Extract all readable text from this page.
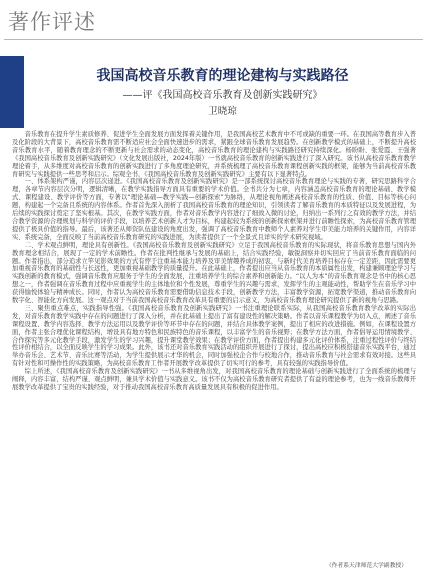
著作评述
我国高校音乐教育的理论建构与实践路径
——评《我国高校音乐教育及创新实践研究》
卫晓琼

音乐教育在提升学生素质修养、促进学生全面发展方面发挥着关键作用，是我国高校艺术教育中不可或缺的重要一环。在我国高等教育步入普及化阶段的大背景下，高校音乐教育需不断适应社会全面快速进步的需求，紧跟全球音乐教育发展趋势。在创新教学模式的基础上，不断提升高校音乐教育水平，随着教育理念的不断更新与社会需求的动态变化，高校音乐教育的理论建构与实践路径研究持续深化。杨盼盼、张爱霞、王强著《我国高校音乐教育及创新实践研究》（文化发展出版社，2024年版）一书就高校音乐教育的创新实践进行了深入研究。该书从高校音乐教育教学理论着手，从多维度对高校音乐教育的创新实践进行了多角度理论研究，并系统梳理了高校音乐教育课程创新实践的框架，能够为当前高校音乐教育研究与实践提供一些思考和启示。综观全书，《我国高校音乐教育及创新实践研究》主要有以下显著特点。

一、体系架构严谨，内容层次递进。《我国高校音乐教育及创新实践研究》是一部系统探讨高校音乐教育理论与实践的专著，研究思路科学合理，各章节内容层次分明，逻辑清晰，在教学实践指导方面具有重要的学术价值。全书共分为七章，内容涵盖高校音乐教育的理论基础、教学模式、课程建设、教学评价等方面，专著以“理论基础—教学实践—创新探索”为脉络，从理论视角阐述高校音乐教育的性质、价值、目标等核心问题，构建起一个完备且系统的内容体系。作者首先深入剖析了我国高校音乐教育的理论知识，引领读者了解音乐教育的本质特征以及发展进程，为后续的实践探讨奠定了坚实根基。其次，在教学实践方面，作者对音乐教学内容进行了细致入微的讨论，归纳出一系列行之有效的教学方法，并结合教学资源的合理规划与科学的评价手段，以培养艺术创新人才为目标，构建起较为系统的创新探索框架并进行前瞻性探索，为高校音乐教育管理提供了极具价值的指导。最后，该著还从师资队伍建设的角度出发，强调了高校音乐教育中教师个人素养对学生审美能力培养的关键作用，内容详实、系统完备，全面反映了当前高校音乐教育研究的实践进展，为读者提供了一个全景式且详实的学术研究视域。

二、学术观点鲜明，理论具有创新性。《我国高校音乐教育及创新实践研究》立足于我国高校音乐教育的实际现状，将音乐教育思想与国内外教育理念相结合，展现了一定的学术前瞻性。作者在批判性继承与发展的基础上，结合实践经验，敏锐洞察并切实回应了当前音乐教育面临的问题。作者指出，部分追求立竿见影效果的方式有悖于注重基本能力培养及审美情趣养成的初衷，与新时代美育培养目标存在一定差距，因此需要更加重视音乐教育的基础性与长远性，更加重视基础教学的质量提升。在此基础上，作者提出应当从音乐教育的本质属性出发，构建兼顾理论学习与实践创新的教育模式，强调音乐教育应服务于学生的全面发展，注重培养学生的综合素养和创新能力。“以人为本”的音乐教育观念是书中的核心思想之一，作者强调在音乐教育过程中应重视学生的主体地位和个性发展，尊重学生的兴趣与需求，发挥学生的主观能动性，帮助学生在音乐学习中获得愉悦体验与精神成长。同时，作者认为高校音乐教育需要借助信息技术手段，创新教学方法，丰富教学资源，拓宽教学渠道，推动音乐教育向数字化、智能化方向发展。这一观点对于当前我国高校音乐教育改革具有重要的启示意义，为高校音乐教育理论研究提供了新的视角与思路。

三、聚焦重点难点，实践指导性强。《我国高校音乐教育及创新实践研究》一书注重理论联系实际，从我国高校音乐教育教学改革的实际出发，对音乐教育教学实践中存在的问题进行了深入分析，并在此基础上提出了富有建设性的解决策略。作者以音乐课程教学为切入点，阐述了音乐课程设置、教学内容选择、教学方法运用以及教学评价等环节中存在的问题，并结合具体教学案例，提出了相应的改进措施。例如，在课程设置方面，作者主张合理优化课程结构，增设具有地方特色和民族特色的音乐课程，以丰富学生的音乐视野；在教学方法方面，作者倡导运用情境教学、合作探究等多元化教学手段，激发学生的学习兴趣，提升课堂教学效果；在教学评价方面，作者提出构建多元化评价体系，注重过程性评价与终结性评价相结合，以全面反映学生的学习成果。此外，该书还对音乐教育实践活动的组织开展进行了探讨，提出高校应积极搭建音乐实践平台，通过举办音乐会、艺术节、音乐比赛等活动，为学生提供展示才华的机会，同时加强校企合作与校地合作，推动音乐教育与社会需求有效对接。这些具有针对性和可操作性的实践策略，为高校音乐教育工作者开展教学改革提供了切实可行的参考，具有较强的实践指导价值。

综上所述，《我国高校音乐教育及创新实践研究》一书从多维视角出发，对我国高校音乐教育的理论基础与创新实践进行了全面系统的梳理与阐释，内容丰富、结构严谨、观点鲜明，兼具学术价值与实践意义。该书不仅为高校音乐教育研究者提供了有益的理论参考，也为一线音乐教师开展教学改革提供了宝贵的实践经验，对于推动我国高校音乐教育高质量发展具有积极的促进作用。

（作者系天津师范大学副教授）
